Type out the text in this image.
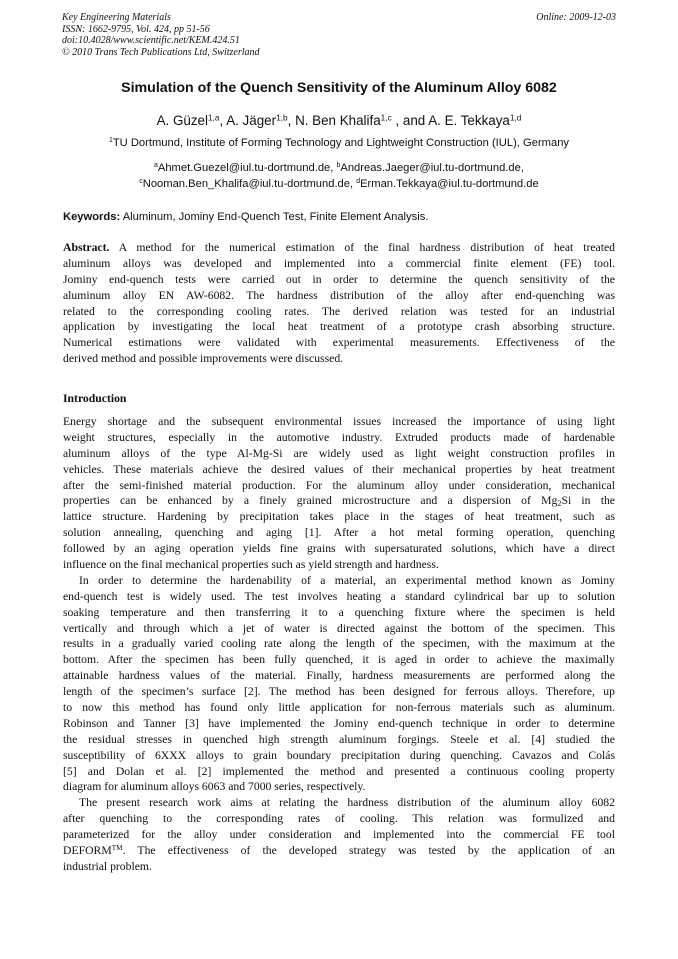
Key Engineering Materials
ISSN: 1662-9795, Vol. 424, pp 51-56
doi:10.4028/www.scientific.net/KEM.424.51
© 2010 Trans Tech Publications Ltd, Switzerland
Online: 2009-12-03
Simulation of the Quench Sensitivity of the Aluminum Alloy 6082
A. Güzel$^{1,a}$, A. Jäger$^{1,b}$, N. Ben Khalifa$^{1,c}$ , and A. E. Tekkaya$^{1,d}$
$^1$TU Dortmund, Institute of Forming Technology and Lightweight Construction (IUL), Germany
$^a$Ahmet.Guezel@iul.tu-dortmund.de, $^b$Andreas.Jaeger@iul.tu-dortmund.de,
$^c$Nooman.Ben_Khalifa@iul.tu-dortmund.de, $^d$Erman.Tekkaya@iul.tu-dortmund.de
Keywords: Aluminum, Jominy End-Quench Test, Finite Element Analysis.
Abstract. A method for the numerical estimation of the final hardness distribution of heat treated
aluminum alloys was developed and implemented into a commercial finite element (FE) tool.
Jominy end-quench tests were carried out in order to determine the quench sensitivity of the
aluminum alloy EN AW-6082. The hardness distribution of the alloy after end-quenching was
related to the corresponding cooling rates. The derived relation was tested for an industrial
application by investigating the local heat treatment of a prototype crash absorbing structure.
Numerical estimations were validated with experimental measurements. Effectiveness of the
derived method and possible improvements were discussed.
Introduction
Energy shortage and the subsequent environmental issues increased the importance of using light
weight structures, especially in the automotive industry. Extruded products made of hardenable
aluminum alloys of the type Al-Mg-Si are widely used as light weight construction profiles in
vehicles. These materials achieve the desired values of their mechanical properties by heat treatment
after the semi-finished material production. For the aluminum alloy under consideration, mechanical
properties can be enhanced by a finely grained microstructure and a dispersion of $Mg_2Si$ in the
lattice structure. Hardening by precipitation takes place in the stages of heat treatment, such as
solution annealing, quenching and aging [1]. After a hot metal forming operation, quenching
followed by an aging operation yields fine grains with supersaturated solutions, which have a direct
influence on the final mechanical properties such as yield strength and hardness.
In order to determine the hardenability of a material, an experimental method known as Jominy
end-quench test is widely used. The test involves heating a standard cylindrical bar up to solution
soaking temperature and then transferring it to a quenching fixture where the specimen is held
vertically and through which a jet of water is directed against the bottom of the specimen. This
results in a gradually varied cooling rate along the length of the specimen, with the maximum at the
bottom. After the specimen has been fully quenched, it is aged in order to achieve the maximally
attainable hardness values of the material. Finally, hardness measurements are performed along the
length of the specimen’s surface [2]. The method has been designed for ferrous alloys. Therefore, up
to now this method has found only little application for non-ferrous materials such as aluminum.
Robinson and Tanner [3] have implemented the Jominy end-quench technique in order to determine
the residual stresses in quenched high strength aluminum forgings. Steele et al. [4] studied the
susceptibility of 6XXX alloys to grain boundary precipitation during quenching. Cavazos and Colás
[5] and Dolan et al. [2] implemented the method and presented a continuous cooling property
diagram for aluminum alloys 6063 and 7000 series, respectively.
The present research work aims at relating the hardness distribution of the aluminum alloy 6082
after quenching to the corresponding rates of cooling. This relation was formulized and
parameterized for the alloy under consideration and implemented into the commercial FE tool
DEFORM™. The effectiveness of the developed strategy was tested by the application of an
industrial problem.
